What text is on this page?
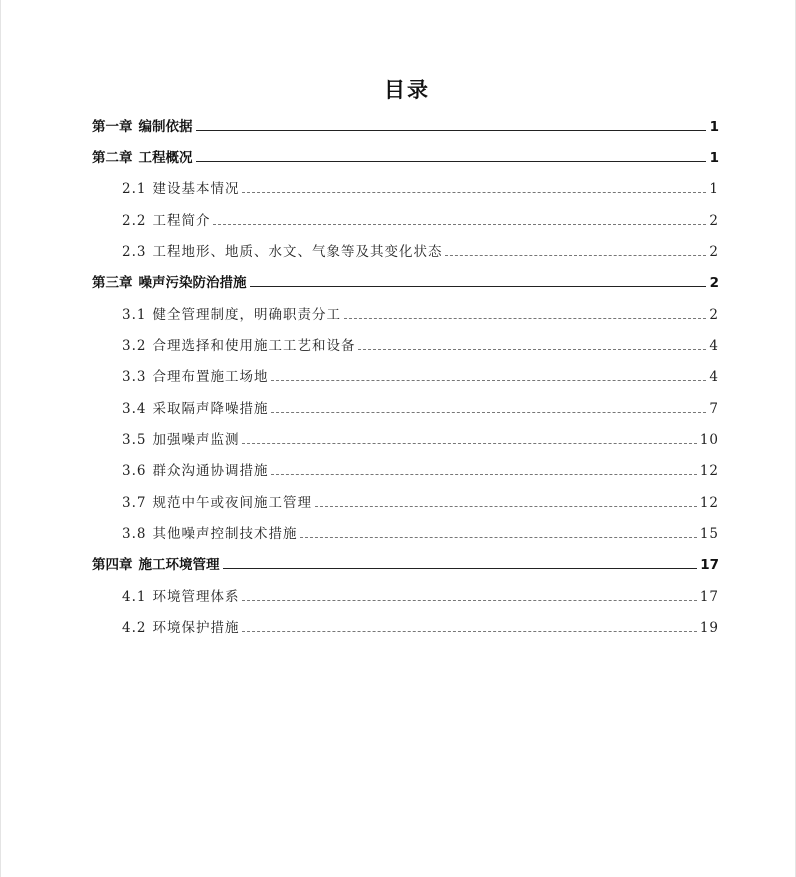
目录
第一章 编制依据	1
第二章 工程概况	1
2.1 建设基本情况	1
2.2 工程简介	2
2.3 工程地形、地质、水文、气象等及其变化状态	2
第三章 噪声污染防治措施	2
3.1 健全管理制度，明确职责分工	2
3.2 合理选择和使用施工工艺和设备	4
3.3 合理布置施工场地	4
3.4 采取隔声降噪措施	7
3.5 加强噪声监测	10
3.6 群众沟通协调措施	12
3.7 规范中午或夜间施工管理	12
3.8 其他噪声控制技术措施	15
第四章 施工环境管理	17
4.1 环境管理体系	17
4.2 环境保护措施	19
